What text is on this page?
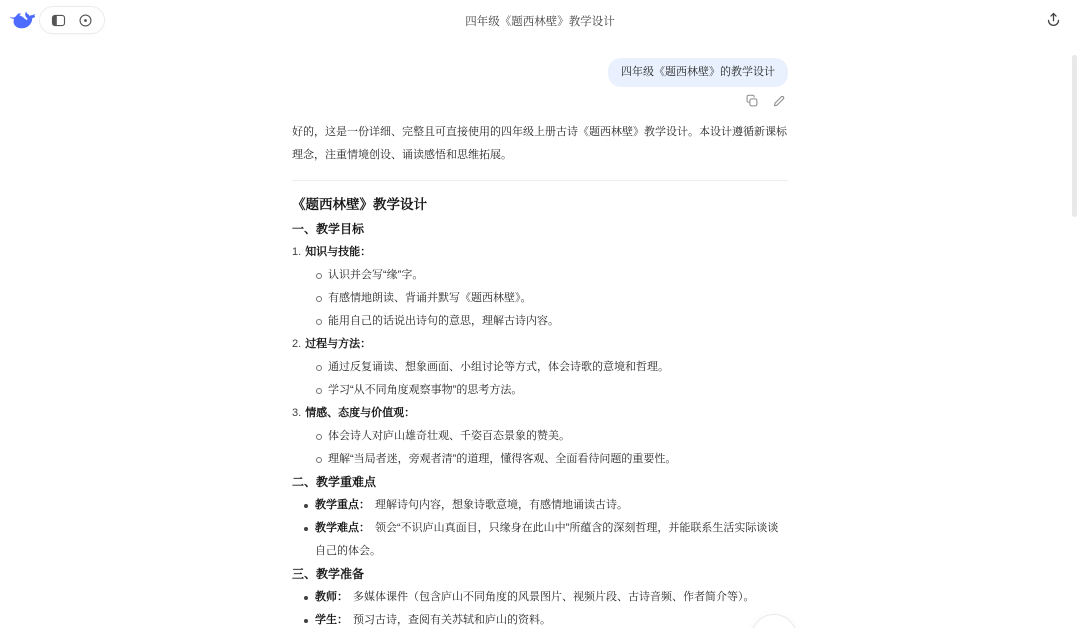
四年级《题西林壁》教学设计
四年级《题西林壁》的教学设计

好的，这是一份详细、完整且可直接使用的四年级上册古诗《题西林壁》教学设计。本设计遵循新课标理念，注重情境创设、诵读感悟和思维拓展。

《题西林壁》教学设计
一、教学目标
1. 知识与技能：
认识并会写“缘”字。
有感情地朗读、背诵并默写《题西林壁》。
能用自己的话说出诗句的意思，理解古诗内容。
2. 过程与方法：
通过反复诵读、想象画面、小组讨论等方式，体会诗歌的意境和哲理。
学习“从不同角度观察事物”的思考方法。
3. 情感、态度与价值观：
体会诗人对庐山雄奇壮观、千姿百态景象的赞美。
理解“当局者迷，旁观者清”的道理，懂得客观、全面看待问题的重要性。
二、教学重难点
教学重点： 理解诗句内容，想象诗歌意境，有感情地诵读古诗。
教学难点： 领会“不识庐山真面目，只缘身在此山中”所蕴含的深刻哲理，并能联系生活实际谈谈自己的体会。
三、教学准备
教师： 多媒体课件（包含庐山不同角度的风景图片、视频片段、古诗音频、作者简介等）。
学生： 预习古诗，查阅有关苏轼和庐山的资料。
